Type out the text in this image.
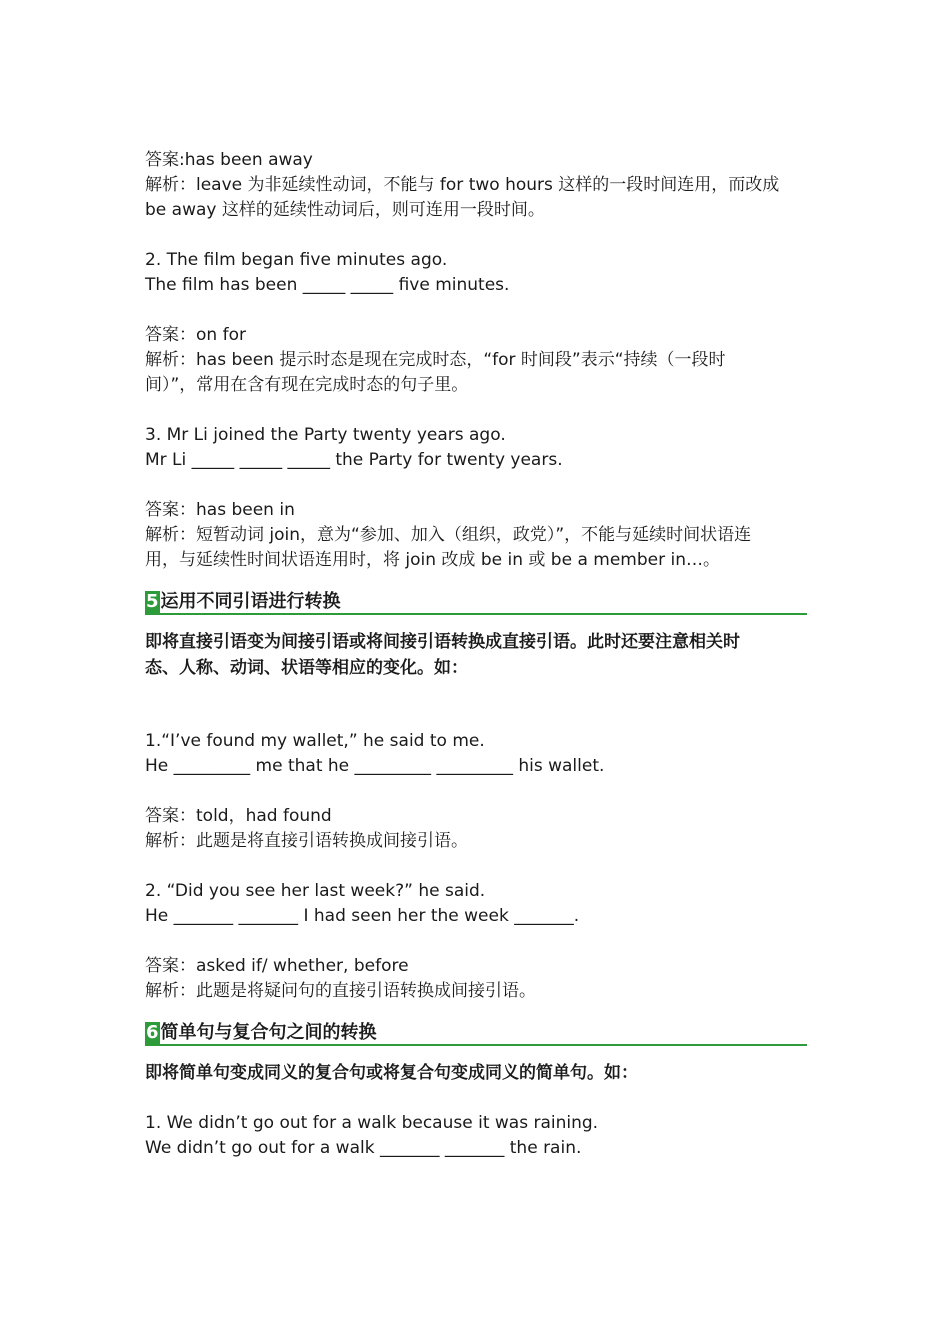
答案:has been away

解析：leave 为非延续性动词，不能与 for two hours 这样的一段时间连用，而改成

be away 这样的延续性动词后，则可连用一段时间。

2. The film began five minutes ago.

The film has been _____ _____ five minutes.

答案：on for

解析：has been 提示时态是现在完成时态，“for 时间段”表示“持续（一段时

间）”，常用在含有现在完成时态的句子里。

3. Mr Li joined the Party twenty years ago.

Mr Li _____ _____ _____ the Party for twenty years.

答案：has been in

解析：短暂动词 join，意为“参加、加入（组织，政党）”，不能与延续时间状语连

用，与延续性时间状语连用时，将 join 改成 be in 或 be a member in…。

5 运用不同引语进行转换

即将直接引语变为间接引语或将间接引语转换成直接引语。此时还要注意相关时

态、人称、动词、状语等相应的变化。如：

1.“I’ve found my wallet,” he said to me.

He _________ me that he _________ _________ his wallet.

答案：told，had found

解析：此题是将直接引语转换成间接引语。

2. “Did you see her last week?” he said.

He _______ _______ I had seen her the week _______.

答案：asked if/ whether, before

解析：此题是将疑问句的直接引语转换成间接引语。

6 简单句与复合句之间的转换

即将简单句变成同义的复合句或将复合句变成同义的简单句。如：

1. We didn’t go out for a walk because it was raining.

We didn’t go out for a walk _______ _______ the rain.
